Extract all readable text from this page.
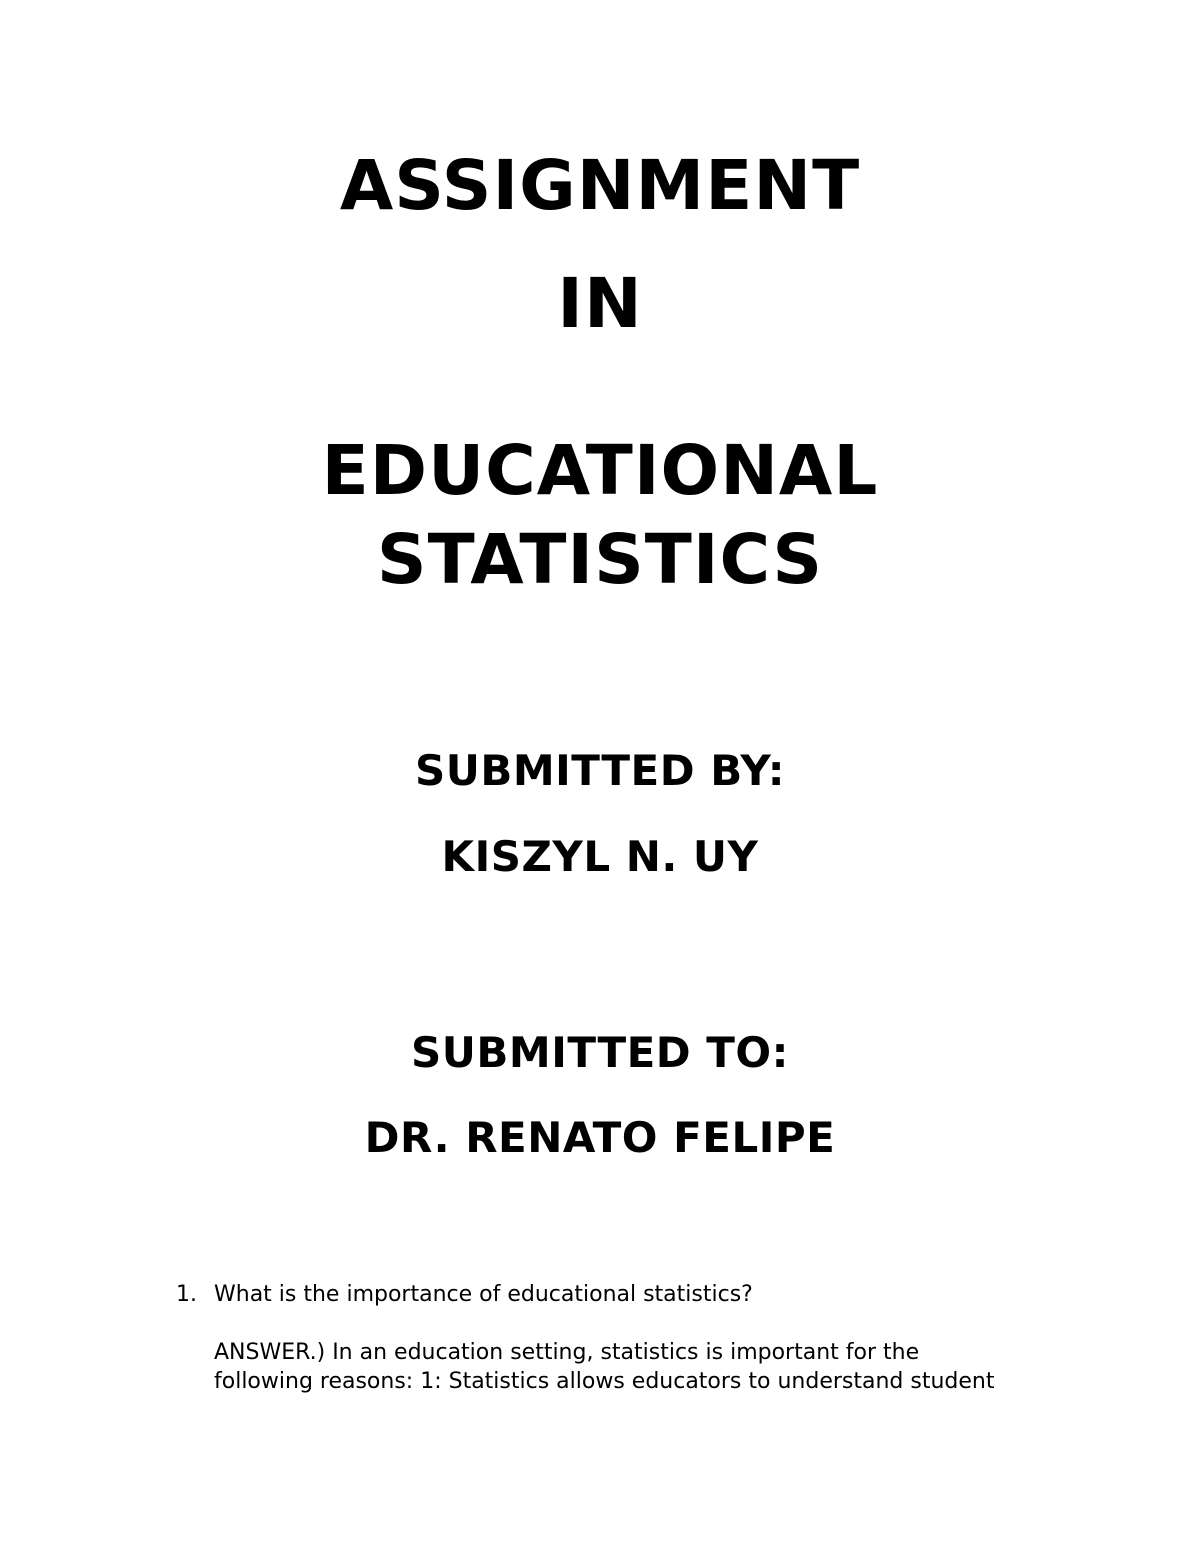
ASSIGNMENT
IN
EDUCATIONAL
STATISTICS
SUBMITTED BY:
KISZYL N. UY
SUBMITTED TO:
DR. RENATO FELIPE
1. What is the importance of educational statistics?
ANSWER.) In an education setting, statistics is important for the
following reasons: 1: Statistics allows educators to understand student
